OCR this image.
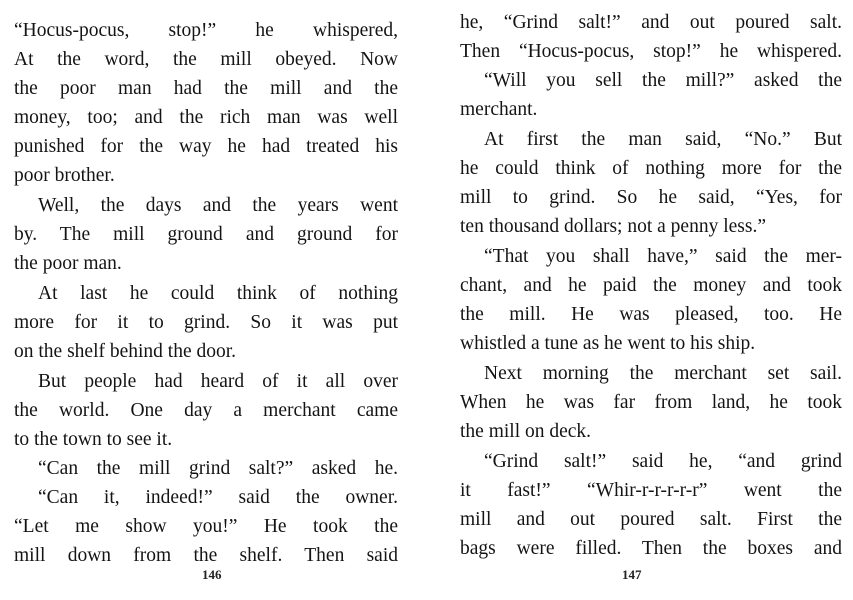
“Hocus-pocus, stop!” he whispered,
At the word, the mill obeyed. Now
the poor man had the mill and the
money, too; and the rich man was well
punished for the way he had treated his
poor brother.
Well, the days and the years went
by. The mill ground and ground for
the poor man.
At last he could think of nothing
more for it to grind. So it was put
on the shelf behind the door.
But people had heard of it all over
the world. One day a merchant came
to the town to see it.
“Can the mill grind salt?” asked he.
“Can it, indeed!” said the owner.
“Let me show you!” He took the
mill down from the shelf. Then said
146
he, “Grind salt!” and out poured salt.
Then “Hocus-pocus, stop!” he whispered.
“Will you sell the mill?” asked the
merchant.
At first the man said, “No.” But
he could think of nothing more for the
mill to grind. So he said, “Yes, for
ten thousand dollars; not a penny less.”
“That you shall have,” said the mer-
chant, and he paid the money and took
the mill. He was pleased, too. He
whistled a tune as he went to his ship.
Next morning the merchant set sail.
When he was far from land, he took
the mill on deck.
“Grind salt!” said he, “and grind
it fast!” “Whir-r-r-r-r-r” went the
mill and out poured salt. First the
bags were filled. Then the boxes and
147
